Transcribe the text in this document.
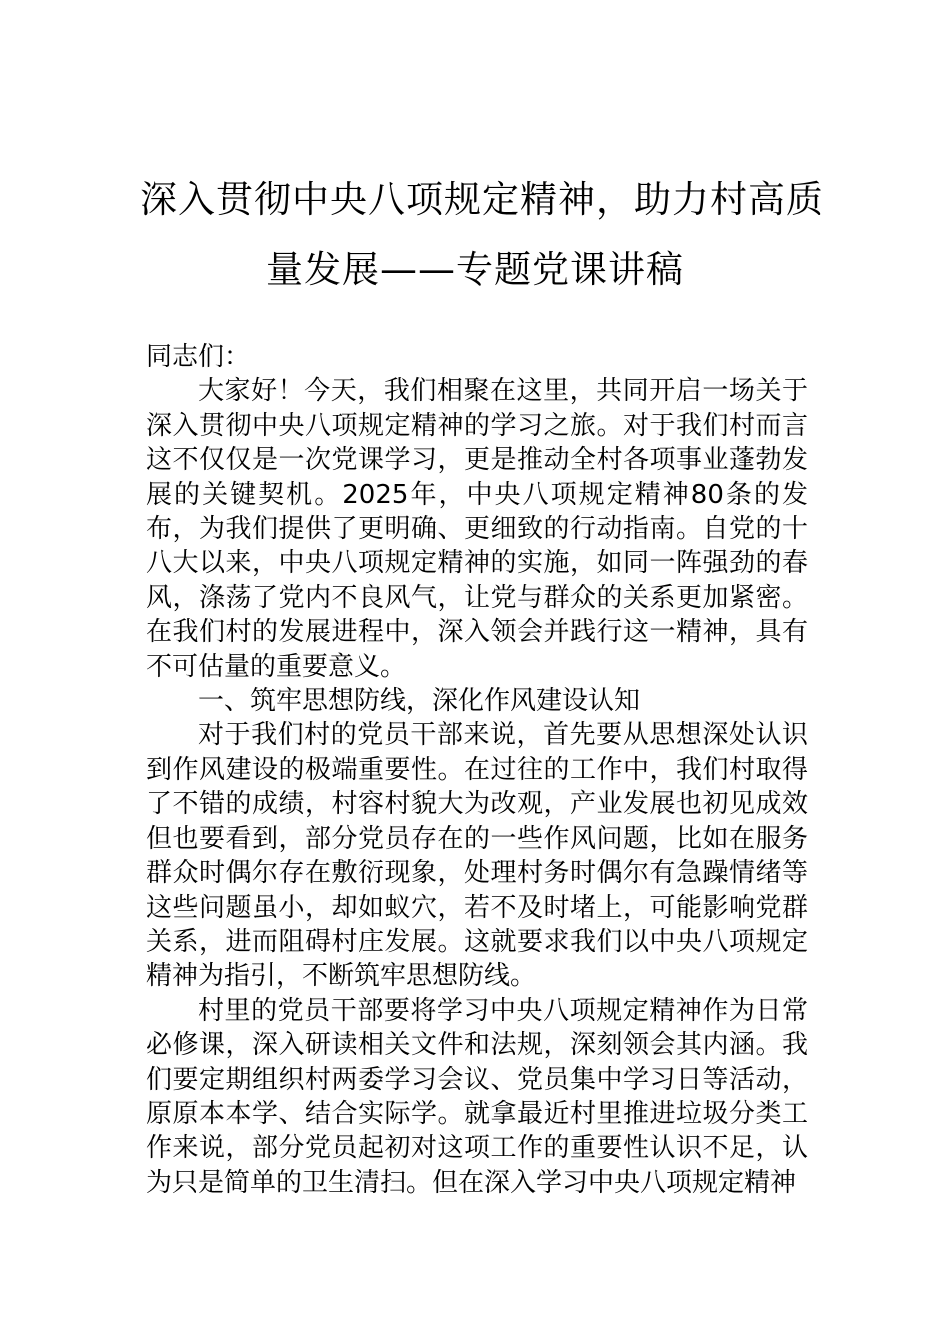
深入贯彻中央八项规定精神，助力村高质
量发展——专题党课讲稿

同志们：

大家好！今天，我们相聚在这里，共同开启一场关于深入贯彻中央八项规定精神的学习之旅。对于我们村而言这不仅仅是一次党课学习，更是推动全村各项事业蓬勃发展的关键契机。2025年，中央八项规定精神80条的发布，为我们提供了更明确、更细致的行动指南。自党的十八大以来，中央八项规定精神的实施，如同一阵强劲的春风，涤荡了党内不良风气，让党与群众的关系更加紧密。在我们村的发展进程中，深入领会并践行这一精神，具有不可估量的重要意义。

一、筑牢思想防线，深化作风建设认知

对于我们村的党员干部来说，首先要从思想深处认识到作风建设的极端重要性。在过往的工作中，我们村取得了不错的成绩，村容村貌大为改观，产业发展也初见成效但也要看到，部分党员存在的一些作风问题，比如在服务群众时偶尔存在敷衍现象，处理村务时偶尔有急躁情绪等这些问题虽小，却如蚁穴，若不及时堵上，可能影响党群关系，进而阻碍村庄发展。这就要求我们以中央八项规定精神为指引，不断筑牢思想防线。

村里的党员干部要将学习中央八项规定精神作为日常必修课，深入研读相关文件和法规，深刻领会其内涵。我们要定期组织村两委学习会议、党员集中学习日等活动，原原本本学、结合实际学。就拿最近村里推进垃圾分类工作来说，部分党员起初对这项工作的重要性认识不足，认为只是简单的卫生清扫。但在深入学习中央八项规定精神
